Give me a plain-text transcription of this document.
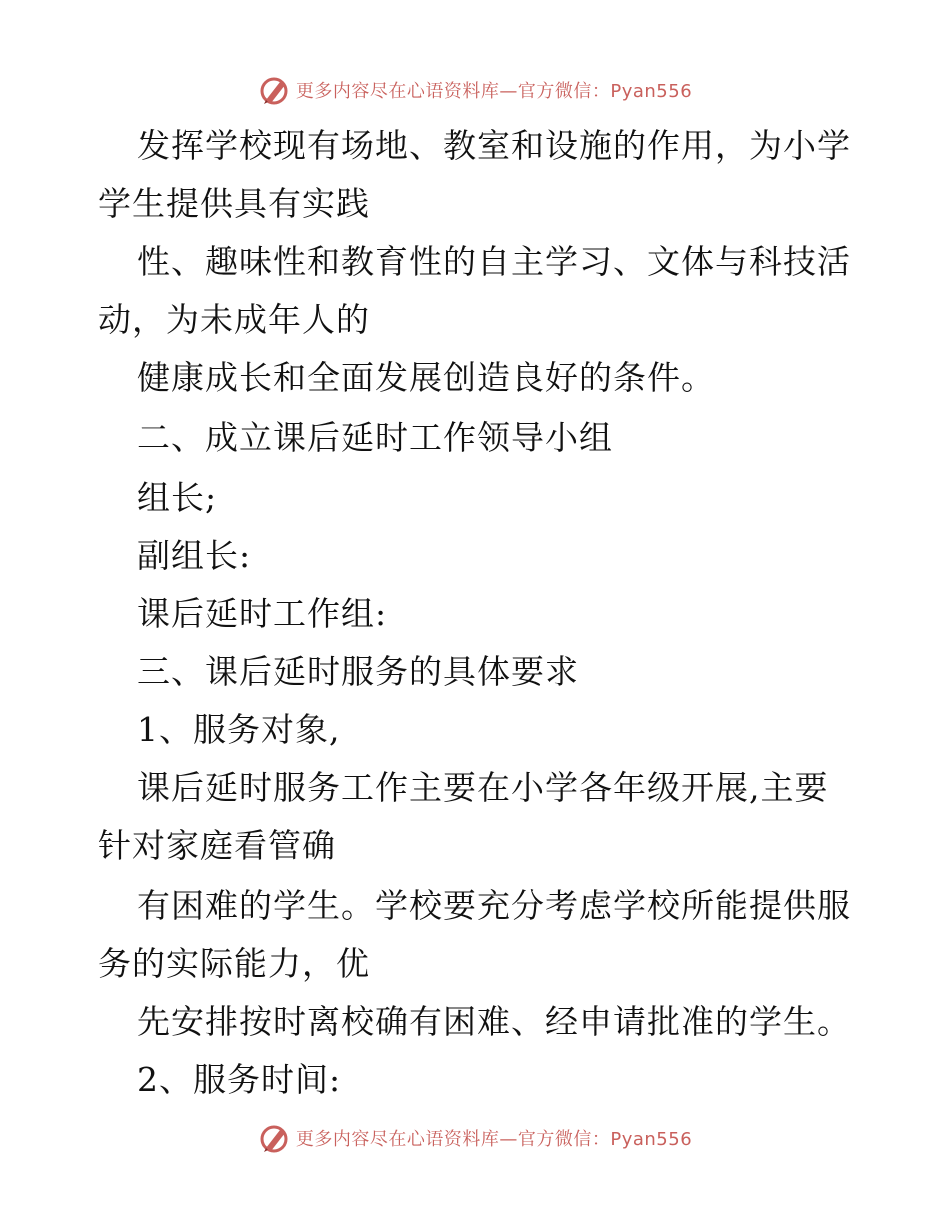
更多内容尽在心语资料库—官方微信：Pyan556
发挥学校现有场地、教室和设施的作用，为小学
学生提供具有实践
性、趣味性和教育性的自主学习、文体与科技活
动，为未成年人的
健康成长和全面发展创造良好的条件。
二、成立课后延时工作领导小组
组长;
副组长:
课后延时工作组:
三、课后延时服务的具体要求
1、服务对象,
课后延时服务工作主要在小学各年级开展,主要
针对家庭看管确
有困难的学生。学校要充分考虑学校所能提供服
务的实际能力，优
先安排按时离校确有困难、经申请批准的学生。
2、服务时间:
更多内容尽在心语资料库—官方微信：Pyan556
